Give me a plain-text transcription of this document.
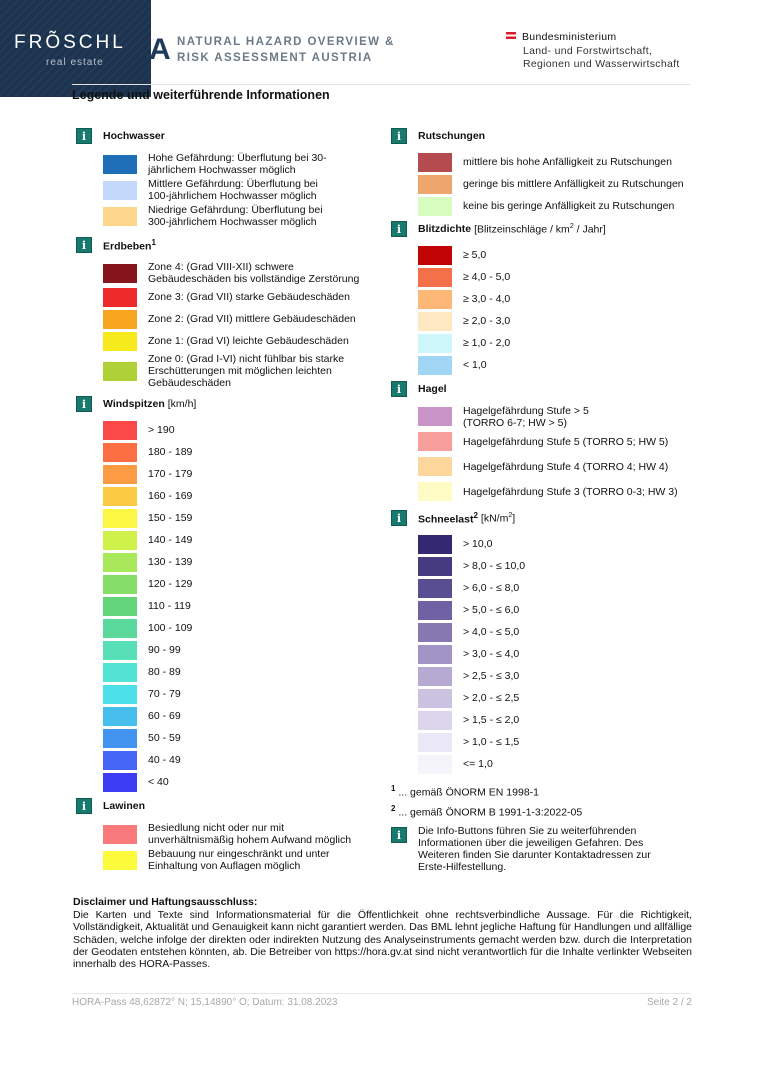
FRÕSCHL
real estate A NATURAL HAZARD OVERVIEW &
RISK ASSESSMENT AUSTRIA
Bundesministerium
Land- und Forstwirtschaft,
Regionen und Wasserwirtschaft
Legende und weiterführende Informationen
i	Hochwasser
Hohe Gefährdung: Überflutung bei 30-jährlichem Hochwasser möglich
Mittlere Gefährdung: Überflutung bei 100-jährlichem Hochwasser möglich
Niedrige Gefährdung: Überflutung bei 300-jährlichem Hochwasser möglich
i	Erdbeben$^1$
Zone 4: (Grad VIII-XII) schwere Gebäudeschäden bis vollständige Zerstörung
Zone 3: (Grad VII) starke Gebäudeschäden
Zone 2: (Grad VII) mittlere Gebäudeschäden
Zone 1: (Grad VI) leichte Gebäudeschäden
Zone 0: (Grad I-VI) nicht fühlbar bis starke Erschütterungen mit möglichen leichten Gebäudeschäden
i	Windspitzen [km/h]
> 190
180 - 189
170 - 179
160 - 169
150 - 159
140 - 149
130 - 139
120 - 129
110 - 119
100 - 109
90 - 99
80 - 89
70 - 79
60 - 69
50 - 59
40 - 49
< 40
i	Lawinen
Besiedlung nicht oder nur mit unverhältnismäßig hohem Aufwand möglich
Bebauung nur eingeschränkt und unter Einhaltung von Auflagen möglich
i	Rutschungen
mittlere bis hohe Anfälligkeit zu Rutschungen
geringe bis mittlere Anfälligkeit zu Rutschungen
keine bis geringe Anfälligkeit zu Rutschungen
i	Blitzdichte [Blitzeinschläge / $km^2$ / Jahr]
≥ 5,0
≥ 4,0 - 5,0
≥ 3,0 - 4,0
≥ 2,0 - 3,0
≥ 1,0 - 2,0
< 1,0
i	Hagel
Hagelgefährdung Stufe > 5 (TORRO 6-7; HW > 5)
Hagelgefährdung Stufe 5 (TORRO 5; HW 5)
Hagelgefährdung Stufe 4 (TORRO 4; HW 4)
Hagelgefährdung Stufe 3 (TORRO 0-3; HW 3)
i	Schneelast$^2$ $[kN/m^2]$
> 10,0
> 8,0 - ≤ 10,0
> 6,0 - ≤ 8,0
> 5,0 - ≤ 6,0
> 4,0 - ≤ 5,0
> 3,0 - ≤ 4,0
> 2,5 - ≤ 3,0
> 2,0 - ≤ 2,5
> 1,5 - ≤ 2,0
> 1,0 - ≤ 1,5
<= 1,0
$^1$ ... gemäß ÖNORM EN 1998-1
$^2$ ... gemäß ÖNORM B 1991-1-3:2022-05
i	Die Info-Buttons führen Sie zu weiterführenden Informationen über die jeweiligen Gefahren. Des Weiteren finden Sie darunter Kontaktadressen zur Erste-Hilfestellung.
Disclaimer und Haftungsausschluss:
Die Karten und Texte sind Informationsmaterial für die Öffentlichkeit ohne rechtsverbindliche Aussage. Für die Richtigkeit, Vollständigkeit, Aktualität und Genauigkeit kann nicht garantiert werden. Das BML lehnt jegliche Haftung für Handlungen und allfällige Schäden, welche infolge der direkten oder indirekten Nutzung des Analyseinstruments gemacht werden bzw. durch die Interpretation der Geodaten entstehen könnten, ab. Die Betreiber von https://hora.gv.at sind nicht verantwortlich für die Inhalte verlinkter Webseiten innerhalb des HORA-Passes.
HORA-Pass 48,62872° N; 15,14890° O; Datum: 31.08.2023	Seite 2 / 2
